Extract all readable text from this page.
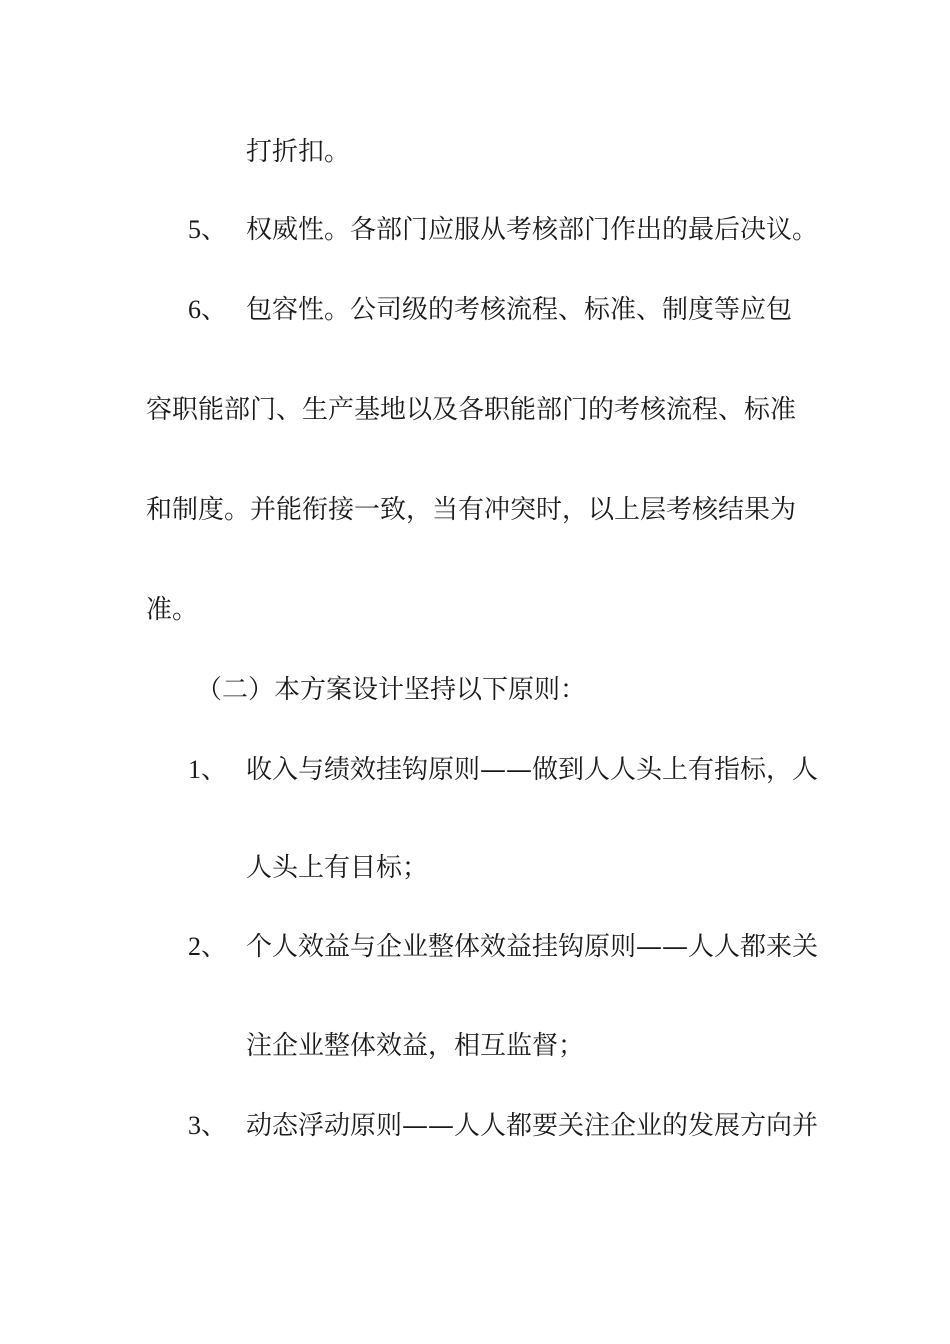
打折扣。
5、 权威性。各部门应服从考核部门作出的最后决议。
6、 包容性。公司级的考核流程、标准、制度等应包
容职能部门、生产基地以及各职能部门的考核流程、标准
和制度。并能衔接一致，当有冲突时，以上层考核结果为
准。
（二）本方案设计坚持以下原则：
1、 收入与绩效挂钩原则——做到人人头上有指标，人
人头上有目标；
2、 个人效益与企业整体效益挂钩原则——人人都来关
注企业整体效益，相互监督；
3、 动态浮动原则——人人都要关注企业的发展方向并
